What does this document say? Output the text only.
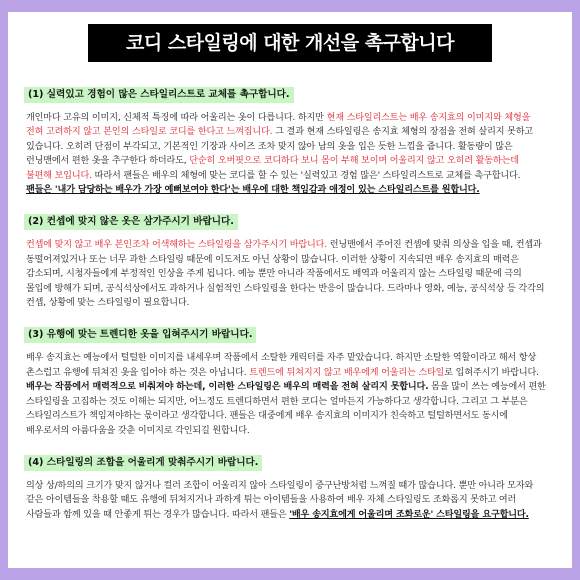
코디 스타일링에 대한 개선을 촉구합니다
(1) 실력있고 경험이 많은 스타일리스트로 교체를 촉구합니다.

개인마다 고유의 이미지, 신체적 특징에 따라 어울리는 옷이 다릅니다. 하지만 현재 스타일리스트는 배우 송지효의 이미지와 체형을 전혀 고려하지 않고 본인의 스타일로 코디를 한다고 느껴집니다. 그 결과 현재 스타일링은 송지효 체형의 장점을 전혀 살리지 못하고 있습니다. 오히려 단점이 부각되고, 기본적인 기장과 사이즈 조차 맞지 않아 남의 옷을 입은 듯한 느낌을 줍니다. 활동량이 많은 런닝맨에서 편한 옷을 추구한다 하더라도, 단순히 오버핏으로 코디하다 보니 몸이 부해 보이며 어울리지 않고 오히려 활동하는데 불편해 보입니다. 따라서 팬들은 배우의 체형에 맞는 코디를 할 수 있는 '실력있고 경험 많은' 스타일리스트로 교체를 촉구합니다. 팬들은 '내가 담당하는 배우가 가장 예뻐보여야 한다'는 배우에 대한 책임감과 애정이 있는 스타일리스트를 원합니다.

(2) 컨셉에 맞지 않은 옷은 삼가주시기 바랍니다.

컨셉에 맞지 않고 배우 본인조차 어색해하는 스타일링을 삼가주시기 바랍니다. 런닝맨에서 주어진 컨셉에 맞춰 의상을 입을 때, 컨셉과 동떨어져있거나 또는 너무 과한 스타일링 때문에 이도저도 아닌 상황이 많습니다. 이러한 상황이 지속되면 배우 송지효의 매력은 감소되며, 시청자들에게 부정적인 인상을 주게 됩니다. 예능 뿐만 아니라 작품에서도 배역과 어울리지 않는 스타일링 때문에 극의 몰입에 방해가 되며, 공식석상에서도 과하거나 실험적인 스타일링을 한다는 반응이 많습니다. 드라마나 영화, 예능, 공식석상 등 각각의 컨셉, 상황에 맞는 스타일링이 필요합니다.

(3) 유행에 맞는 트렌디한 옷을 입혀주시기 바랍니다.

배우 송지효는 예능에서 털털한 이미지를 내세우며 작품에서 소탈한 캐릭터를 자주 맡았습니다. 하지만 소탈한 역할이라고 해서 항상 촌스럽고 유행에 뒤쳐진 옷을 입어야 하는 것은 아닙니다. 트렌드에 뒤쳐지지 않고 배우에게 어울리는 스타일로 입혀주시기 바랍니다. 배우는 작품에서 매력적으로 비춰져야 하는데, 이러한 스타일링은 배우의 매력을 전혀 살리지 못합니다. 몸을 많이 쓰는 예능에서 편한 스타일링을 고집하는 것도 이해는 되지만, 어느정도 트렌디하면서 편한 코디는 얼마든지 가능하다고 생각합니다. 그리고 그 부분은 스타일리스트가 책임져야하는 몫이라고 생각합니다. 팬들은 대중에게 배우 송지효의 이미지가 친숙하고 털털하면서도 동시에 배우로서의 아름다움을 갖춘 이미지로 각인되길 원합니다.

(4) 스타일링의 조합을 어울리게 맞춰주시기 바랍니다.

의상 상/하의의 크기가 맞지 않거나 컬러 조합이 어울리지 않아 스타일링이 중구난방처럼 느껴질 때가 많습니다. 뿐만 아니라 모자와 같은 아이템들을 착용할 때도 유행에 뒤쳐지거나 과하게 튀는 아이템들을 사용하여 배우 자체 스타일링도 조화롭지 못하고 여러 사람들과 함께 있을 때 안좋게 튀는 경우가 많습니다. 따라서 팬들은 '배우 송지효에게 어울리며 조화로운' 스타일링을 요구합니다.
